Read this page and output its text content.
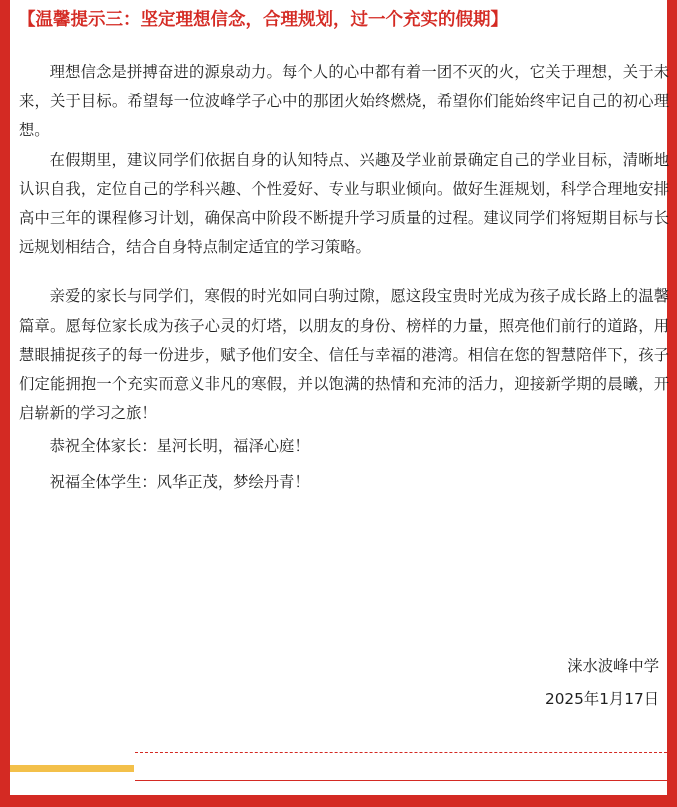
【温馨提示三：坚定理想信念，合理规划，过一个充实的假期】

理想信念是拼搏奋进的源泉动力。每个人的心中都有着一团不灭的火，它关于理想，关于未来，关于目标。希望每一位波峰学子心中的那团火始终燃烧，希望你们能始终牢记自己的初心理想。

在假期里，建议同学们依据自身的认知特点、兴趣及学业前景确定自己的学业目标，清晰地认识自我，定位自己的学科兴趣、个性爱好、专业与职业倾向。做好生涯规划，科学合理地安排高中三年的课程修习计划，确保高中阶段不断提升学习质量的过程。建议同学们将短期目标与长远规划相结合，结合自身特点制定适宜的学习策略。

亲爱的家长与同学们，寒假的时光如同白驹过隙，愿这段宝贵时光成为孩子成长路上的温馨篇章。愿每位家长成为孩子心灵的灯塔，以朋友的身份、榜样的力量，照亮他们前行的道路，用慧眼捕捉孩子的每一份进步，赋予他们安全、信任与幸福的港湾。相信在您的智慧陪伴下，孩子们定能拥抱一个充实而意义非凡的寒假，并以饱满的热情和充沛的活力，迎接新学期的晨曦，开启崭新的学习之旅！

恭祝全体家长：星河长明，福泽心庭！

祝福全体学生：风华正茂，梦绘丹青！

涞水波峰中学
2025年1月17日
